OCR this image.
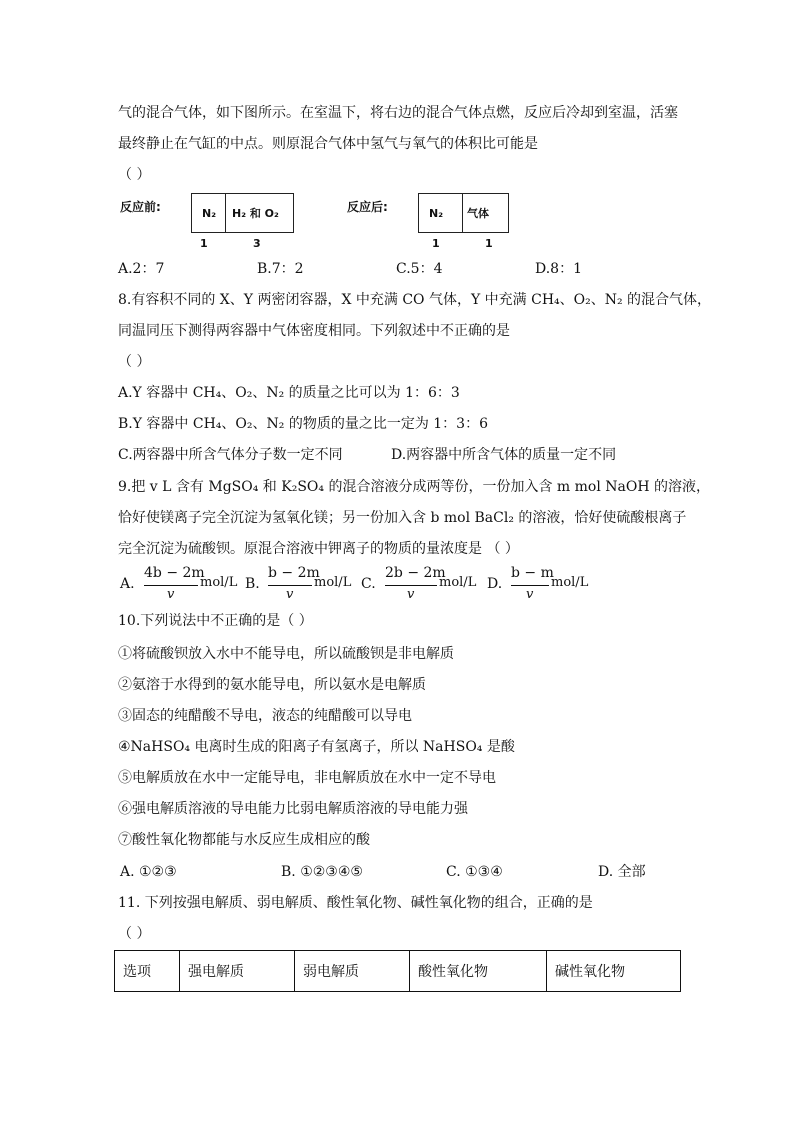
气的混合气体，如下图所示。在室温下，将右边的混合气体点燃，反应后冷却到室温，活塞
最终静止在气缸的中点。则原混合气体中氢气与氧气的体积比可能是
（ ）
反应前:	N₂	H₂ 和 O₂
1	3
反应后:	N₂	气体
1	1
A.2：7	B.7：2	C.5：4	D.8：1
8.有容积不同的 X、Y 两密闭容器，X 中充满 CO 气体，Y 中充满 CH₄、O₂、N₂ 的混合气体，
同温同压下测得两容器中气体密度相同。下列叙述中不正确的是
（ ）
A.Y 容器中 CH₄、O₂、N₂ 的质量之比可以为 1：6：3
B.Y 容器中 CH₄、O₂、N₂ 的物质的量之比一定为 1：3：6
C.两容器中所含气体分子数一定不同	D.两容器中所含气体的质量一定不同
9.把 v L 含有 MgSO₄ 和 K₂SO₄ 的混合溶液分成两等份，一份加入含 m mol NaOH 的溶液，
恰好使镁离子完全沉淀为氢氧化镁；另一份加入含 b mol BaCl₂ 的溶液，恰好使硫酸根离子
完全沉淀为硫酸钡。原混合溶液中钾离子的物质的量浓度是 （ ）
A.
4b − 2m
v
mol/L B.
b − 2m
v
mol/L C.
2b − 2m
v
mol/L D.
b − m
v
mol/L
10.下列说法中不正确的是（ ）
①将硫酸钡放入水中不能导电，所以硫酸钡是非电解质
②氨溶于水得到的氨水能导电，所以氨水是电解质
③固态的纯醋酸不导电，液态的纯醋酸可以导电
④NaHSO₄ 电离时生成的阳离子有氢离子，所以 NaHSO₄ 是酸
⑤电解质放在水中一定能导电，非电解质放在水中一定不导电
⑥强电解质溶液的导电能力比弱电解质溶液的导电能力强
⑦酸性氧化物都能与水反应生成相应的酸
A. ①②③	B. ①②③④⑤	C. ①③④	D. 全部
11. 下列按强电解质、弱电解质、酸性氧化物、碱性氧化物的组合，正确的是
（ ）
选项	强电解质	弱电解质	酸性氧化物	碱性氧化物
